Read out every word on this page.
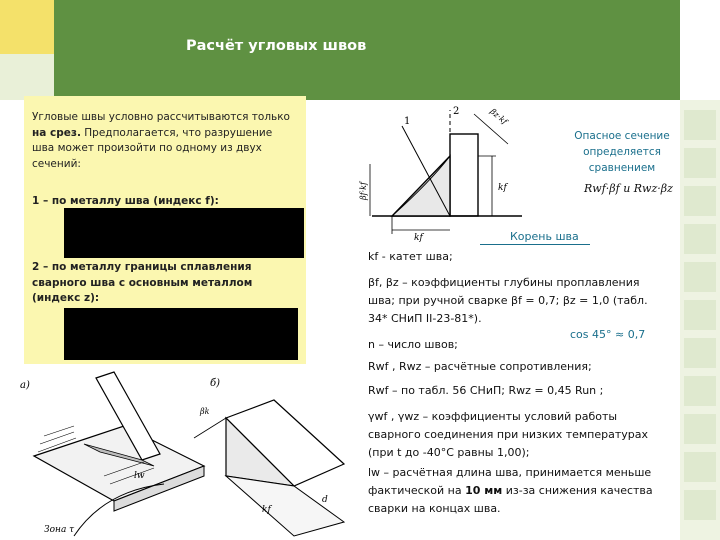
Расчёт угловых швов
Угловые швы условно рассчитываются только
на срез. Предполагается, что разрушение
шва может произойти по одному из двух
сечений:
1 – по металлу шва (индекс f):
2 – по металлу границы сплавления
сварного шва с основным металлом
(индекс z):
1
2
kf
kf
βf·kf
βz·kf
Опасное сечение
определяется
сравнением
Rwf·βf и Rwz·βz
Корень шва
kf - катет шва;
βf, βz – коэффициенты глубины проплавления
шва; при ручной сварке βf = 0,7; βz = 1,0 (табл.
34* СНиП II-23-81*).
cos 45° ≈ 0,7
n – число швов;
Rwf , Rwz – расчётные сопротивления;
Rwf – по табл. 56 СНиП; Rwz = 0,45 Run ;
γwf , γwz – коэффициенты условий работы
сварного соединения при низких температурах
(при t до -40°С равны 1,00);
lw – расчётная длина шва, принимается меньше
фактической на 10 мм из-за снижения качества
сварки на концах шва.
а)
Зона τ
lw
б)
kf
d
βk
